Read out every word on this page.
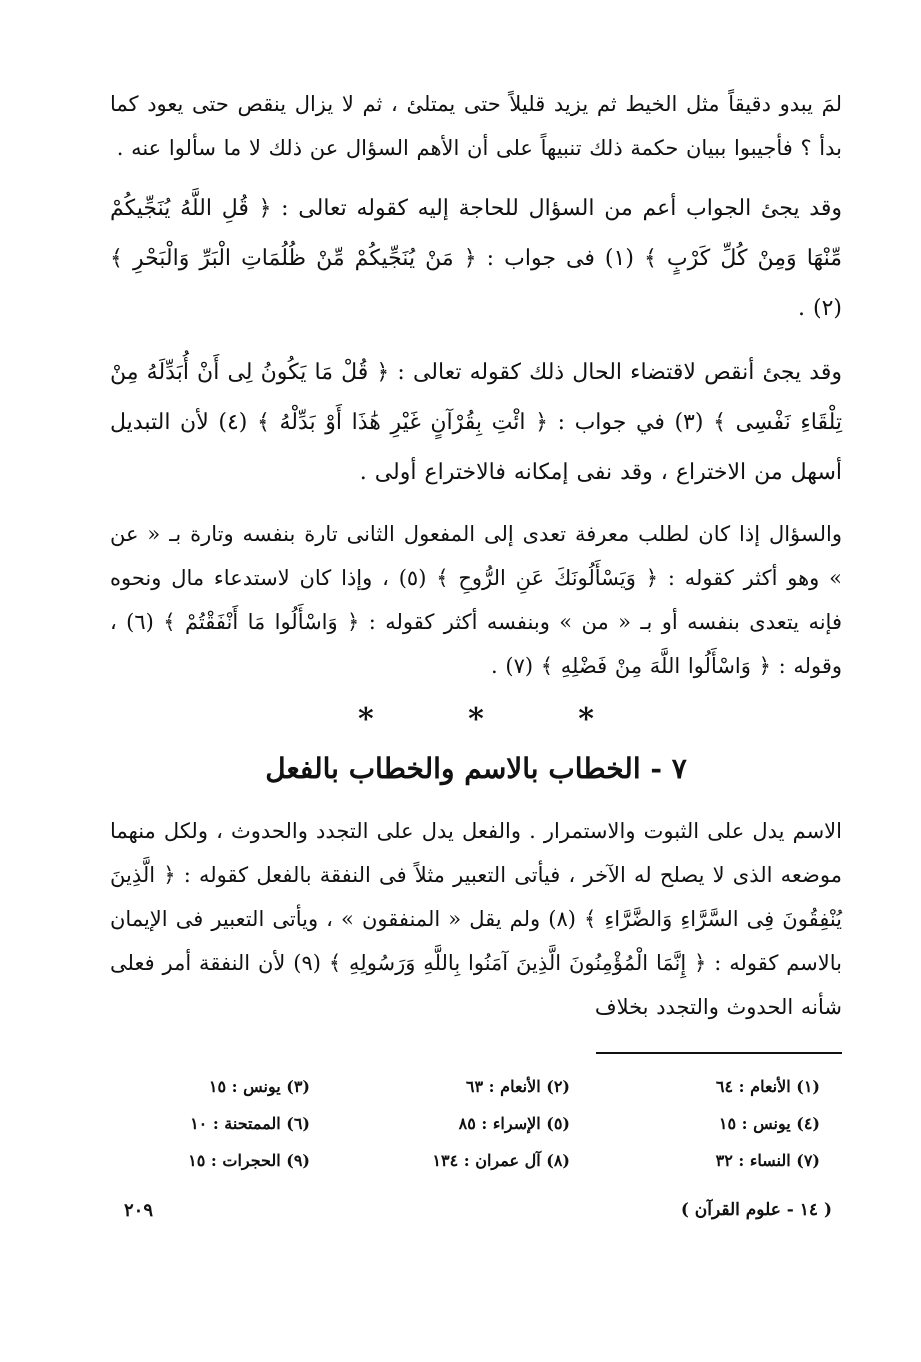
لمَ يبدو دقيقاً مثل الخيط ثم يزيد قليلاً حتى يمتلئ ، ثم لا يزال ينقص حتى يعود كما بدأ ؟ فأجيبوا ببيان حكمة ذلك تنبيهاً على أن الأهم السؤال عن ذلك لا ما سألوا عنه .

وقد يجئ الجواب أعم من السؤال للحاجة إليه كقوله تعالى : ﴿ قُلِ اللَّهُ يُنَجِّيكُمْ مِّنْهَا وَمِنْ كُلِّ كَرْبٍ ﴾ (١) فى جواب : ﴿ مَنْ يُنَجِّيكُمْ مِّنْ ظُلُمَاتِ الْبَرِّ وَالْبَحْرِ ﴾ (٢) .

وقد يجئ أنقص لاقتضاء الحال ذلك كقوله تعالى : ﴿ قُلْ مَا يَكُونُ لِى أَنْ أُبَدِّلَهُ مِنْ تِلْقَاءِ نَفْسِى ﴾ (٣) في جواب : ﴿ ائْتِ بِقُرْآنٍ غَيْرِ هَٰذَا أَوْ بَدِّلْهُ ﴾ (٤) لأن التبديل أسهل من الاختراع ، وقد نفى إمكانه فالاختراع أولى .

والسؤال إذا كان لطلب معرفة تعدى إلى المفعول الثانى تارة بنفسه وتارة بـ « عن » وهو أكثر كقوله : ﴿ وَيَسْأَلُونَكَ عَنِ الرُّوحِ ﴾ (٥) ، وإذا كان لاستدعاء مال ونحوه فإنه يتعدى بنفسه أو بـ « من » وبنفسه أكثر كقوله : ﴿ وَاسْأَلُوا مَا أَنْفَقْتُمْ ﴾ (٦) ، وقوله : ﴿ وَاسْأَلُوا اللَّهَ مِنْ فَضْلِهِ ﴾ (٧) .

* * *
٧ - الخطاب بالاسم والخطاب بالفعل

الاسم يدل على الثبوت والاستمرار . والفعل يدل على التجدد والحدوث ، ولكل منهما موضعه الذى لا يصلح له الآخر ، فيأتى التعبير مثلاً فى النفقة بالفعل كقوله : ﴿ الَّذِينَ يُنْفِقُونَ فِى السَّرَّاءِ وَالضَّرَّاءِ ﴾ (٨) ولم يقل « المنفقون » ، ويأتى التعبير فى الإيمان بالاسم كقوله : ﴿ إِنَّمَا الْمُؤْمِنُونَ الَّذِينَ آمَنُوا بِاللَّهِ وَرَسُولِهِ ﴾ (٩) لأن النفقة أمر فعلى شأنه الحدوث والتجدد بخلاف

(١) الأنعام : ٦٤
(٢) الأنعام : ٦٣
(٣) يونس : ١٥
(٤) يونس : ١٥
(٥) الإسراء : ٨٥
(٦) الممتحنة : ١٠
(٧) النساء : ٣٢
(٨) آل عمران : ١٣٤
(٩) الحجرات : ١٥
( ١٤ - علوم القرآن )
٢٠٩
